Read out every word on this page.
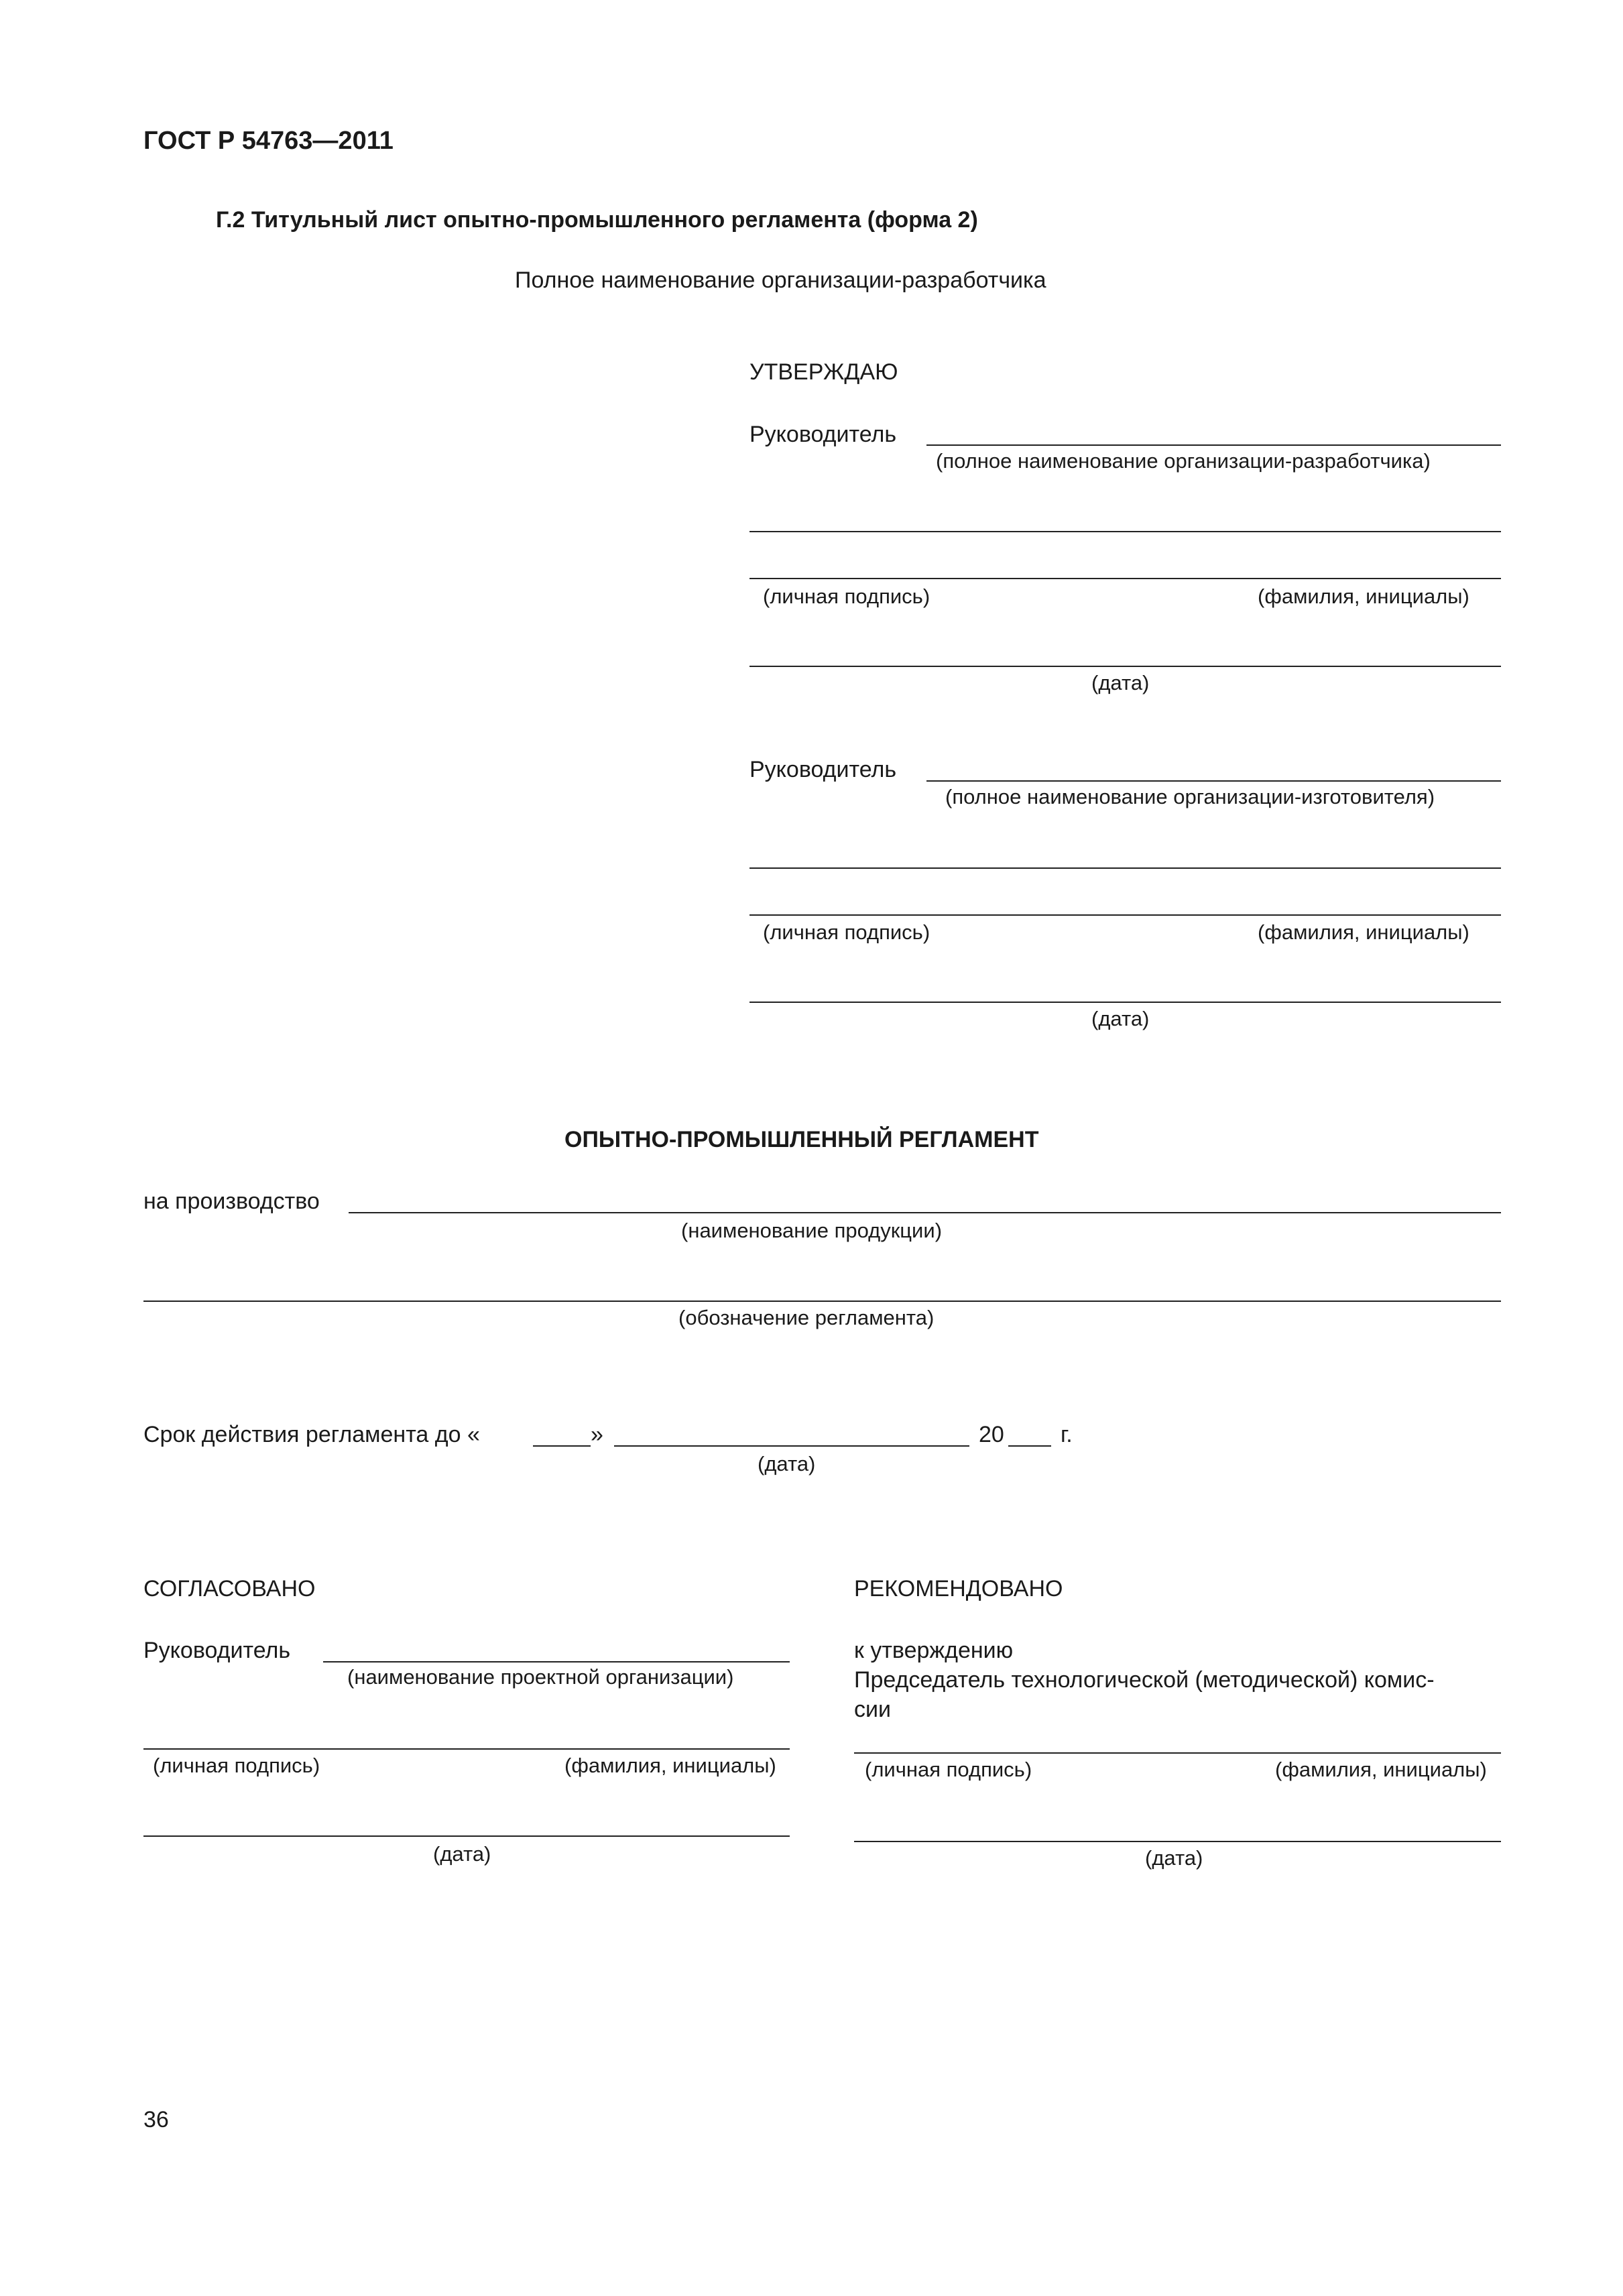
ГОСТ Р 54763—2011
Г.2 Титульный лист опытно-промышленного регламента (форма 2)
Полное наименование организации-разработчика
УТВЕРЖДАЮ
Руководитель
(полное наименование организации-разработчика)
(личная подпись)	(фамилия, инициалы)
(дата)
Руководитель
(полное наименование организации-изготовителя)
(личная подпись)	(фамилия, инициалы)
(дата)
ОПЫТНО-ПРОМЫШЛЕННЫЙ РЕГЛАМЕНТ
на производство
(наименование продукции)
(обозначение регламента)
Срок действия регламента до «	»	20 г.
(дата)
СОГЛАСОВАНО
Руководитель
(наименование проектной организации)
(личная подпись)	(фамилия, инициалы)
(дата)
РЕКОМЕНДОВАНО
к утверждению
Председатель технологической (методической) комис-
сии
(личная подпись)	(фамилия, инициалы)
(дата)
36
